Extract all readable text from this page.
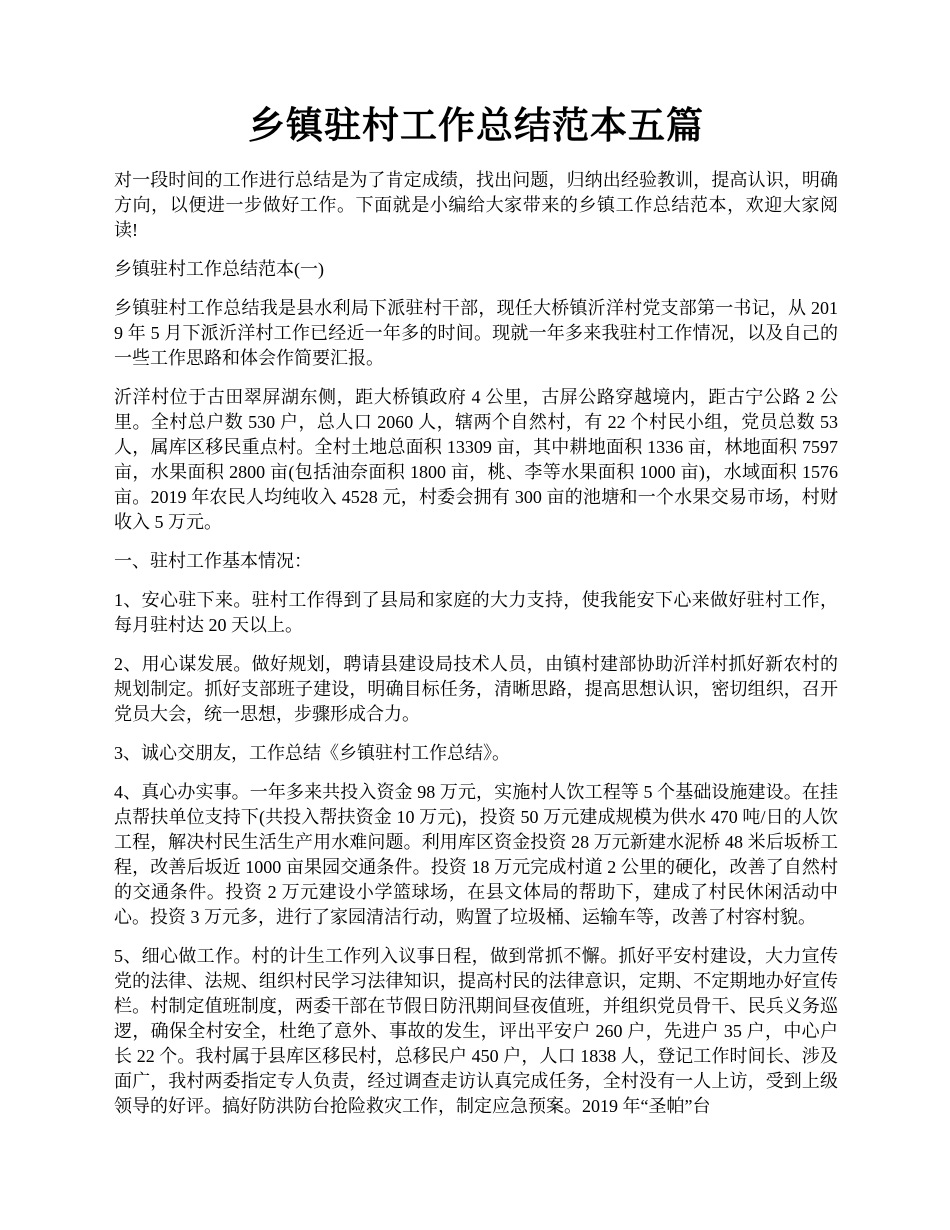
乡镇驻村工作总结范本五篇

对一段时间的工作进行总结是为了肯定成绩，找出问题，归纳出经验教训，提高认识，明确方向，以便进一步做好工作。下面就是小编给大家带来的乡镇工作总结范本，欢迎大家阅读!

乡镇驻村工作总结范本(一)

乡镇驻村工作总结我是县水利局下派驻村干部，现任大桥镇沂洋村党支部第一书记，从 2019 年 5 月下派沂洋村工作已经近一年多的时间。现就一年多来我驻村工作情况，以及自己的一些工作思路和体会作简要汇报。

沂洋村位于古田翠屏湖东侧，距大桥镇政府 4 公里，古屏公路穿越境内，距古宁公路 2 公里。全村总户数 530 户，总人口 2060 人，辖两个自然村，有 22 个村民小组，党员总数 53 人，属库区移民重点村。全村土地总面积 13309 亩，其中耕地面积 1336 亩，林地面积 7597 亩，水果面积 2800 亩(包括油奈面积 1800 亩，桃、李等水果面积 1000 亩)，水域面积 1576 亩。2019 年农民人均纯收入 4528 元，村委会拥有 300 亩的池塘和一个水果交易市场，村财收入 5 万元。

一、驻村工作基本情况：

1、安心驻下来。驻村工作得到了县局和家庭的大力支持，使我能安下心来做好驻村工作，每月驻村达 20 天以上。

2、用心谋发展。做好规划，聘请县建设局技术人员，由镇村建部协助沂洋村抓好新农村的规划制定。抓好支部班子建设，明确目标任务，清晰思路，提高思想认识，密切组织，召开党员大会，统一思想，步骤形成合力。

3、诚心交朋友，工作总结《乡镇驻村工作总结》。

4、真心办实事。一年多来共投入资金 98 万元，实施村人饮工程等 5 个基础设施建设。在挂点帮扶单位支持下(共投入帮扶资金 10 万元)，投资 50 万元建成规模为供水 470 吨/日的人饮工程，解决村民生活生产用水难问题。利用库区资金投资 28 万元新建水泥桥 48 米后坂桥工程，改善后坂近 1000 亩果园交通条件。投资 18 万元完成村道 2 公里的硬化，改善了自然村的交通条件。投资 2 万元建设小学篮球场，在县文体局的帮助下，建成了村民休闲活动中心。投资 3 万元多，进行了家园清洁行动，购置了垃圾桶、运输车等，改善了村容村貌。

5、细心做工作。村的计生工作列入议事日程，做到常抓不懈。抓好平安村建设，大力宣传党的法律、法规、组织村民学习法律知识，提高村民的法律意识，定期、不定期地办好宣传栏。村制定值班制度，两委干部在节假日防汛期间昼夜值班，并组织党员骨干、民兵义务巡逻，确保全村安全，杜绝了意外、事故的发生，评出平安户 260 户，先进户 35 户，中心户长 22 个。我村属于县库区移民村，总移民户 450 户，人口 1838 人，登记工作时间长、涉及面广，我村两委指定专人负责，经过调查走访认真完成任务，全村没有一人上访，受到上级领导的好评。搞好防洪防台抢险救灾工作，制定应急预案。2019 年“圣帕”台
